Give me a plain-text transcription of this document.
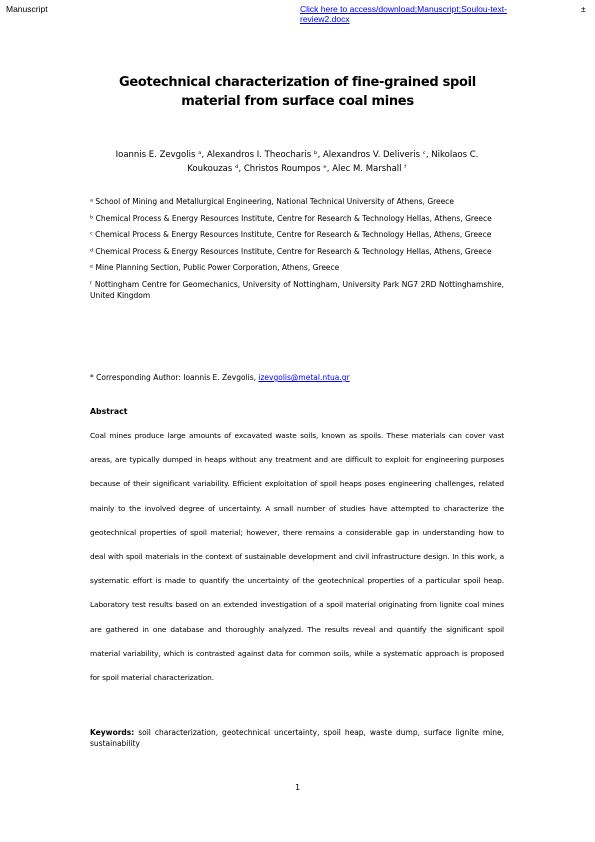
Manuscript	Click here to access/download;Manuscript;Soulou-text-review2.docx
±
Geotechnical characterization of fine-grained spoil material from surface coal mines
Ioannis E. Zevgolis ᵃ, Alexandros I. Theocharis ᵇ, Alexandros V. Deliveris ᶜ, Nikolaos C.
Koukouzas ᵈ, Christos Roumpos ᵉ, Alec M. Marshall ᶠ

ᵃ School of Mining and Metallurgical Engineering, National Technical University of Athens, Greece

ᵇ Chemical Process & Energy Resources Institute, Centre for Research & Technology Hellas, Athens, Greece

ᶜ Chemical Process & Energy Resources Institute, Centre for Research & Technology Hellas, Athens, Greece

ᵈ Chemical Process & Energy Resources Institute, Centre for Research & Technology Hellas, Athens, Greece

ᵉ Mine Planning Section, Public Power Corporation, Athens, Greece

ᶠ Nottingham Centre for Geomechanics, University of Nottingham, University Park NG7 2RD Nottinghamshire, United Kingdom

* Corresponding Author: Ioannis E. Zevgolis, izevgolis@metal.ntua.gr
Abstract
Coal mines produce large amounts of excavated waste soils, known as spoils. These materials can cover vast areas, are typically dumped in heaps without any treatment and are difficult to exploit for engineering purposes because of their significant variability. Efficient exploitation of spoil heaps poses engineering challenges, related mainly to the involved degree of uncertainty. A small number of studies have attempted to characterize the geotechnical properties of spoil material; however, there remains a considerable gap in understanding how to deal with spoil materials in the context of sustainable development and civil infrastructure design. In this work, a systematic effort is made to quantify the uncertainty of the geotechnical properties of a particular spoil heap. Laboratory test results based on an extended investigation of a spoil material originating from lignite coal mines are gathered in one database and thoroughly analyzed. The results reveal and quantify the significant spoil material variability, which is contrasted against data for common soils, while a systematic approach is proposed for spoil material characterization.
Keywords: soil characterization, geotechnical uncertainty, spoil heap, waste dump, surface lignite mine, sustainability
1
